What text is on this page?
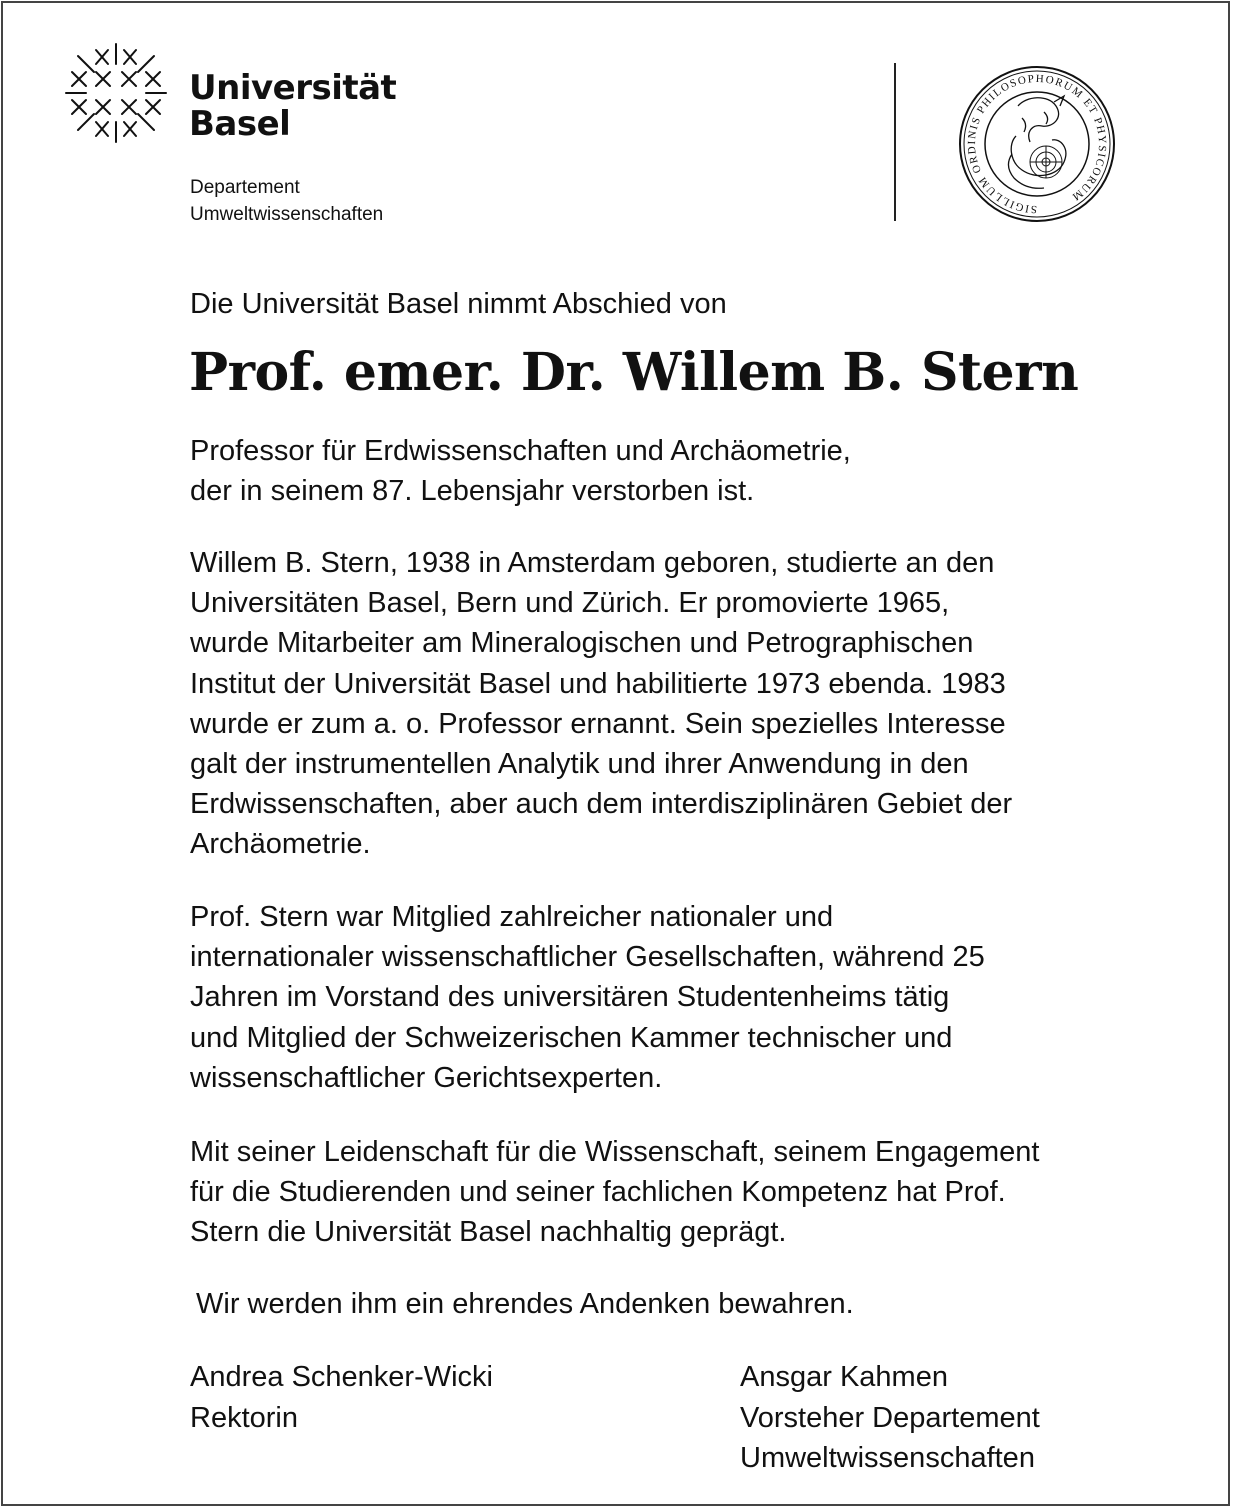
Universität
Basel
Departement
Umweltwissenschaften	SIGILLUM ORDINIS PHILOSOPHORUM ET PHYSICORUM

Die Universität Basel nimmt Abschied von

Prof. emer. Dr. Willem B. Stern

Professor für Erdwissenschaften und Archäometrie,
der in seinem 87. Lebensjahr verstorben ist.

Willem B. Stern, 1938 in Amsterdam geboren, studierte an den
Universitäten Basel, Bern und Zürich. Er promovierte 1965,
wurde Mitarbeiter am Mineralogischen und Petrographischen
Institut der Universität Basel und habilitierte 1973 ebenda. 1983
wurde er zum a. o. Professor ernannt. Sein spezielles Interesse
galt der instrumentellen Analytik und ihrer Anwendung in den
Erdwissenschaften, aber auch dem interdisziplinären Gebiet der
Archäometrie.

Prof. Stern war Mitglied zahlreicher nationaler und
internationaler wissenschaftlicher Gesellschaften, während 25
Jahren im Vorstand des universitären Studentenheims tätig
und Mitglied der Schweizerischen Kammer technischer und
wissenschaftlicher Gerichtsexperten.

Mit seiner Leidenschaft für die Wissenschaft, seinem Engagement
für die Studierenden und seiner fachlichen Kompetenz hat Prof.
Stern die Universität Basel nachhaltig geprägt.

Wir werden ihm ein ehrendes Andenken bewahren.

Andrea Schenker-Wicki
Rektorin
Ansgar Kahmen
Vorsteher Departement
Umweltwissenschaften
